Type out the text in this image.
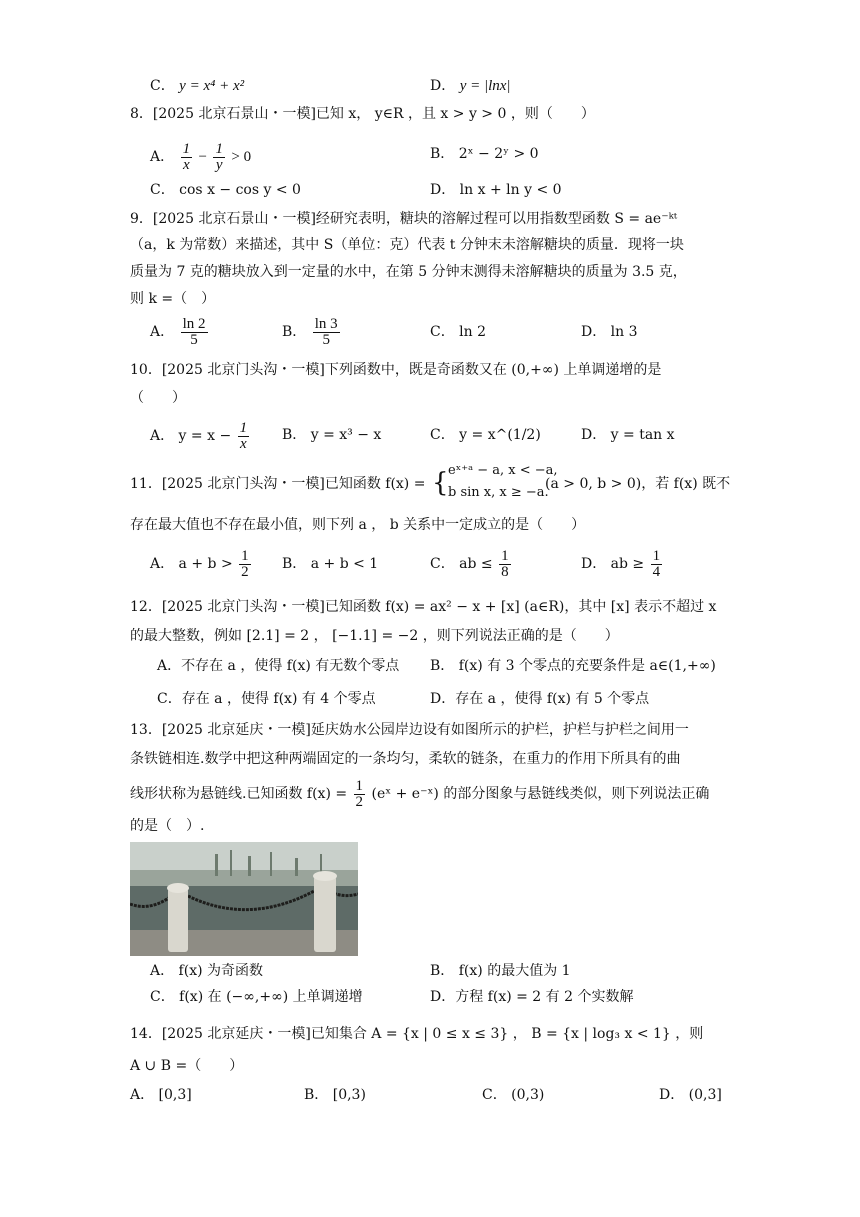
C． y = x⁴ + x²	D． y = |lnx|
8．[2025 北京石景山・一模]已知 x， y∈R ，且 x > y > 0 ，则（　　）
A． $\frac{1}{x} - \frac{1}{y} > 0$	B． 2ˣ − 2ʸ > 0
C． cos x − cos y < 0	D． ln x + ln y < 0
9．[2025 北京石景山・一模]经研究表明，糖块的溶解过程可以用指数型函数 S = ae⁻ᵏᵗ
（a，k 为常数）来描述，其中 S（单位：克）代表 t 分钟末未溶解糖块的质量．现将一块
质量为 7 克的糖块放入到一定量的水中，在第 5 分钟末测得未溶解糖块的质量为 3.5 克，
则 k =（　）
A． $\frac{\ln 2}{5}$	B． $\frac{\ln 3}{5}$	C． ln 2	D． ln 3
10．[2025 北京门头沟・一模]下列函数中，既是奇函数又在 (0,+∞) 上单调递增的是
（　　）
A． $y = x - \frac{1}{x}$ B． y = x³ − x	C． y = x^(1/2)	D． y = tan x
11．[2025 北京门头沟・一模]已知函数 f(x) = { eˣ⁺ᵃ − a, x < −a,
b sin x, x ≥ −a.
(a > 0, b > 0)，若 f(x) 既不
存在最大值也不存在最小值，则下列 a ， b 关系中一定成立的是（　　）
A． $a + b > \frac{1}{2}$ B． a + b < 1	C． ab ≤ $\frac{1}{8}$	D． ab ≥ $\frac{1}{4}$
12．[2025 北京门头沟・一模]已知函数 f(x) = ax² − x + [x] (a∈R)，其中 [x] 表示不超过 x
的最大整数，例如 [2.1] = 2 ， [−1.1] = −2 ，则下列说法正确的是（　　）
A．不存在 a ，使得 f(x) 有无数个零点 B． f(x) 有 3 个零点的充要条件是 a∈(1,+∞)
C．存在 a ，使得 f(x) 有 4 个零点	D．存在 a ，使得 f(x) 有 5 个零点
13．[2025 北京延庆・一模]延庆妫水公园岸边设有如图所示的护栏，护栏与护栏之间用一
条铁链相连.数学中把这种两端固定的一条均匀，柔软的链条，在重力的作用下所具有的曲
线形状称为悬链线.已知函数 $f(x) = \frac{1}{2}$ (eˣ + e⁻ˣ) 的部分图象与悬链线类似，则下列说法正确
的是（　）.
A． f(x) 为奇函数	B． f(x) 的最大值为 1
C． f(x) 在 (−∞,+∞) 上单调递增	D．方程 f(x) = 2 有 2 个实数解
14．[2025 北京延庆・一模]已知集合 A = {x | 0 ≤ x ≤ 3} ， B = {x | log₃ x < 1} ，则
A ∪ B =（　　）
A． [0,3]	B． [0,3)	C． (0,3)	D． (0,3]
